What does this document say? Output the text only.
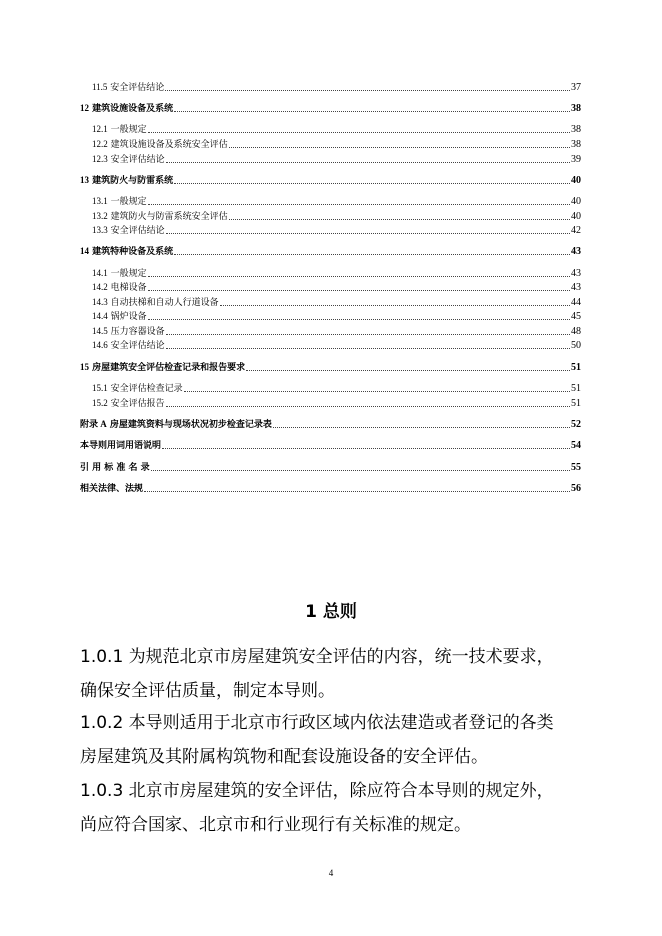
11.5 安全评估结论	37
12 建筑设施设备及系统	38
12.1 一般规定	38
12.2 建筑设施设备及系统安全评估	38
12.3 安全评估结论	39
13 建筑防火与防雷系统	40
13.1 一般规定	40
13.2 建筑防火与防雷系统安全评估	40
13.3 安全评估结论	42
14 建筑特种设备及系统	43
14.1 一般规定	43
14.2 电梯设备	43
14.3 自动扶梯和自动人行道设备	44
14.4 锅炉设备	45
14.5 压力容器设备	48
14.6 安全评估结论	50
15 房屋建筑安全评估检查记录和报告要求	51
15.1 安全评估检查记录	51
15.2 安全评估报告	51
附录 A 房屋建筑资料与现场状况初步检查记录表	52
本导则用词用语说明	54
引 用 标 准 名 录	55
相关法律、法规	56
1 总则
1.0.1 为规范北京市房屋建筑安全评估的内容，统一技术要求，
确保安全评估质量，制定本导则。
1.0.2 本导则适用于北京市行政区域内依法建造或者登记的各类
房屋建筑及其附属构筑物和配套设施设备的安全评估。
1.0.3 北京市房屋建筑的安全评估，除应符合本导则的规定外，
尚应符合国家、北京市和行业现行有关标准的规定。
4
